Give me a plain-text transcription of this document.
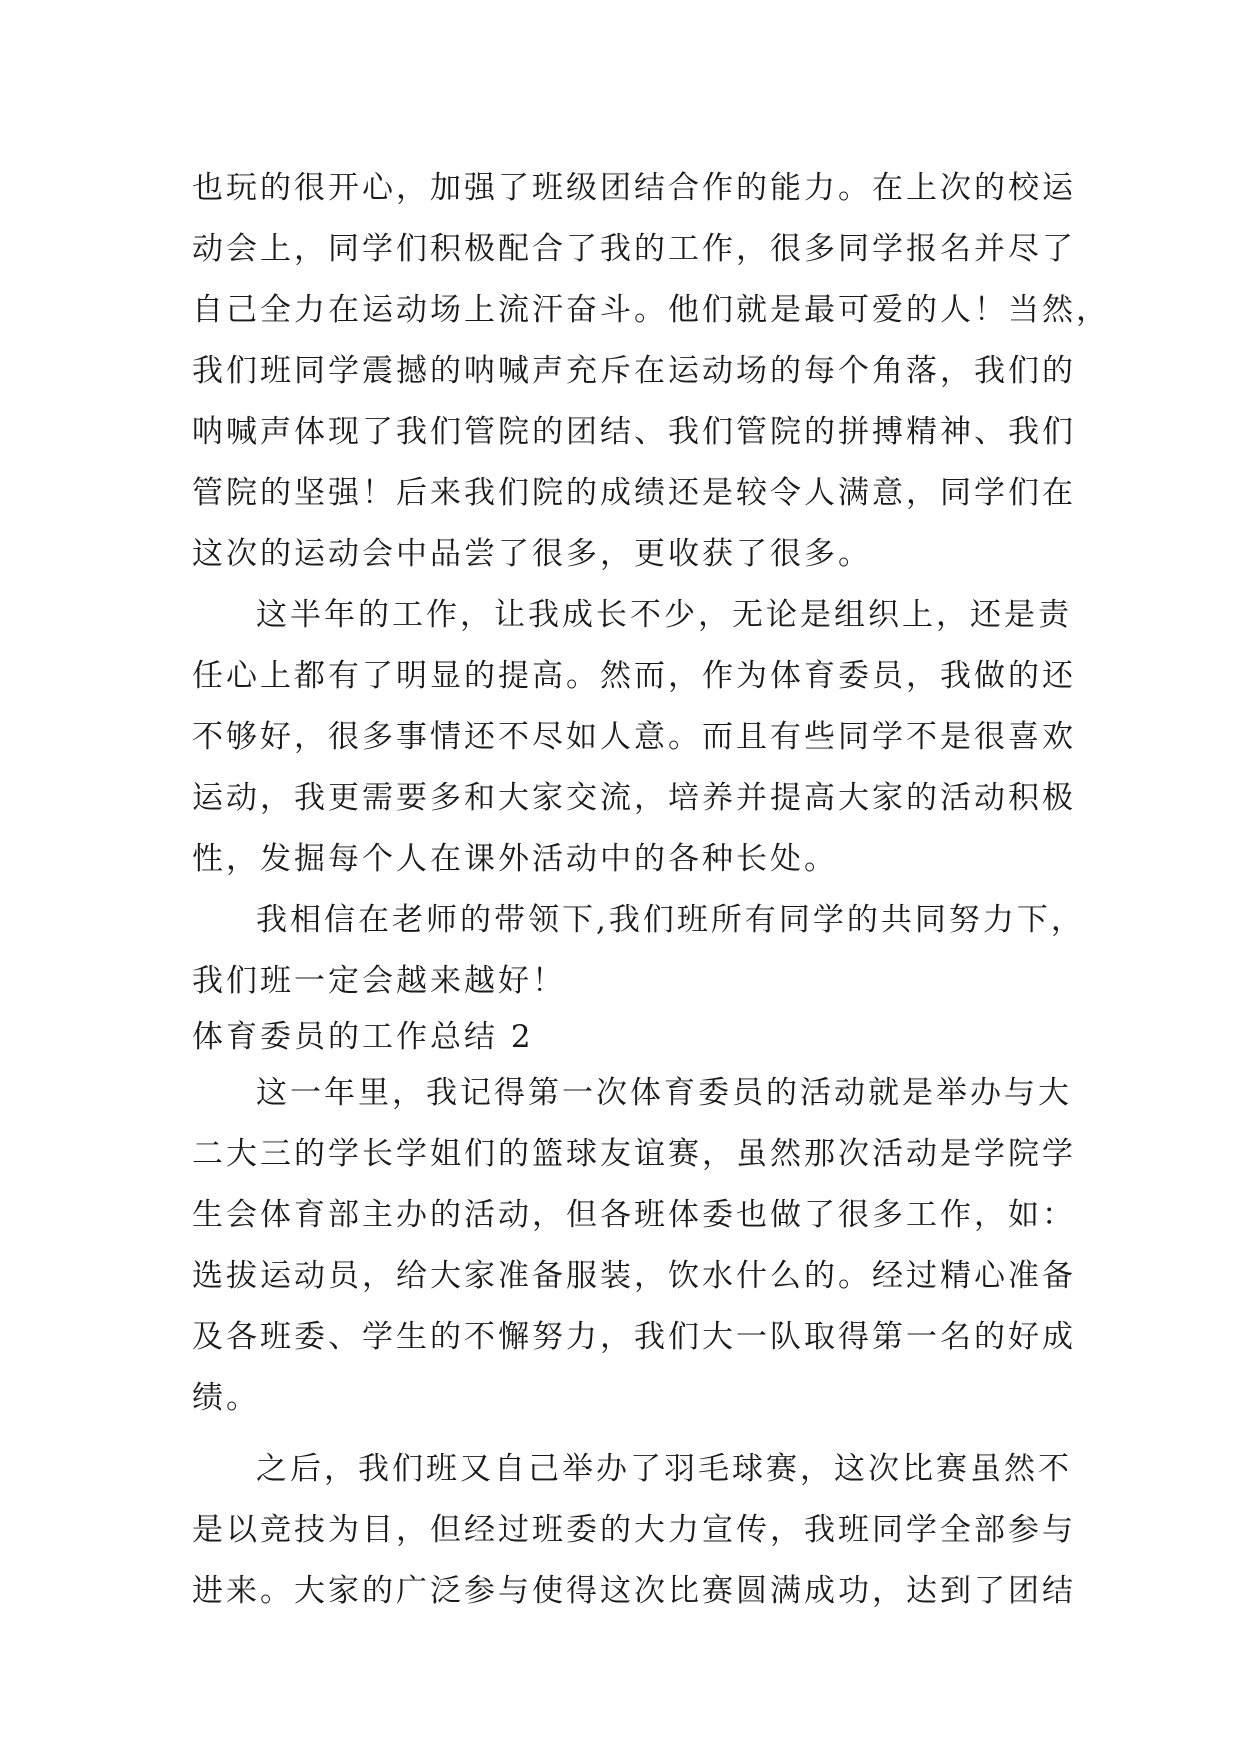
也玩的很开心，加强了班级团结合作的能力。在上次的校运
动会上，同学们积极配合了我的工作，很多同学报名并尽了
自己全力在运动场上流汗奋斗。他们就是最可爱的人！当然，
我们班同学震撼的呐喊声充斥在运动场的每个角落，我们的
呐喊声体现了我们管院的团结、我们管院的拼搏精神、我们
管院的坚强！后来我们院的成绩还是较令人满意，同学们在
这次的运动会中品尝了很多，更收获了很多。
这半年的工作，让我成长不少，无论是组织上，还是责
任心上都有了明显的提高。然而，作为体育委员，我做的还
不够好，很多事情还不尽如人意。而且有些同学不是很喜欢
运动，我更需要多和大家交流，培养并提高大家的活动积极
性，发掘每个人在课外活动中的各种长处。
我相信在老师的带领下,我们班所有同学的共同努力下，
我们班一定会越来越好！
体育委员的工作总结 2
这一年里，我记得第一次体育委员的活动就是举办与大
二大三的学长学姐们的篮球友谊赛，虽然那次活动是学院学
生会体育部主办的活动，但各班体委也做了很多工作，如：
选拔运动员，给大家准备服装，饮水什么的。经过精心准备
及各班委、学生的不懈努力，我们大一队取得第一名的好成
绩。
之后，我们班又自己举办了羽毛球赛，这次比赛虽然不
是以竞技为目，但经过班委的大力宣传，我班同学全部参与
进来。大家的广泛参与使得这次比赛圆满成功，达到了团结
